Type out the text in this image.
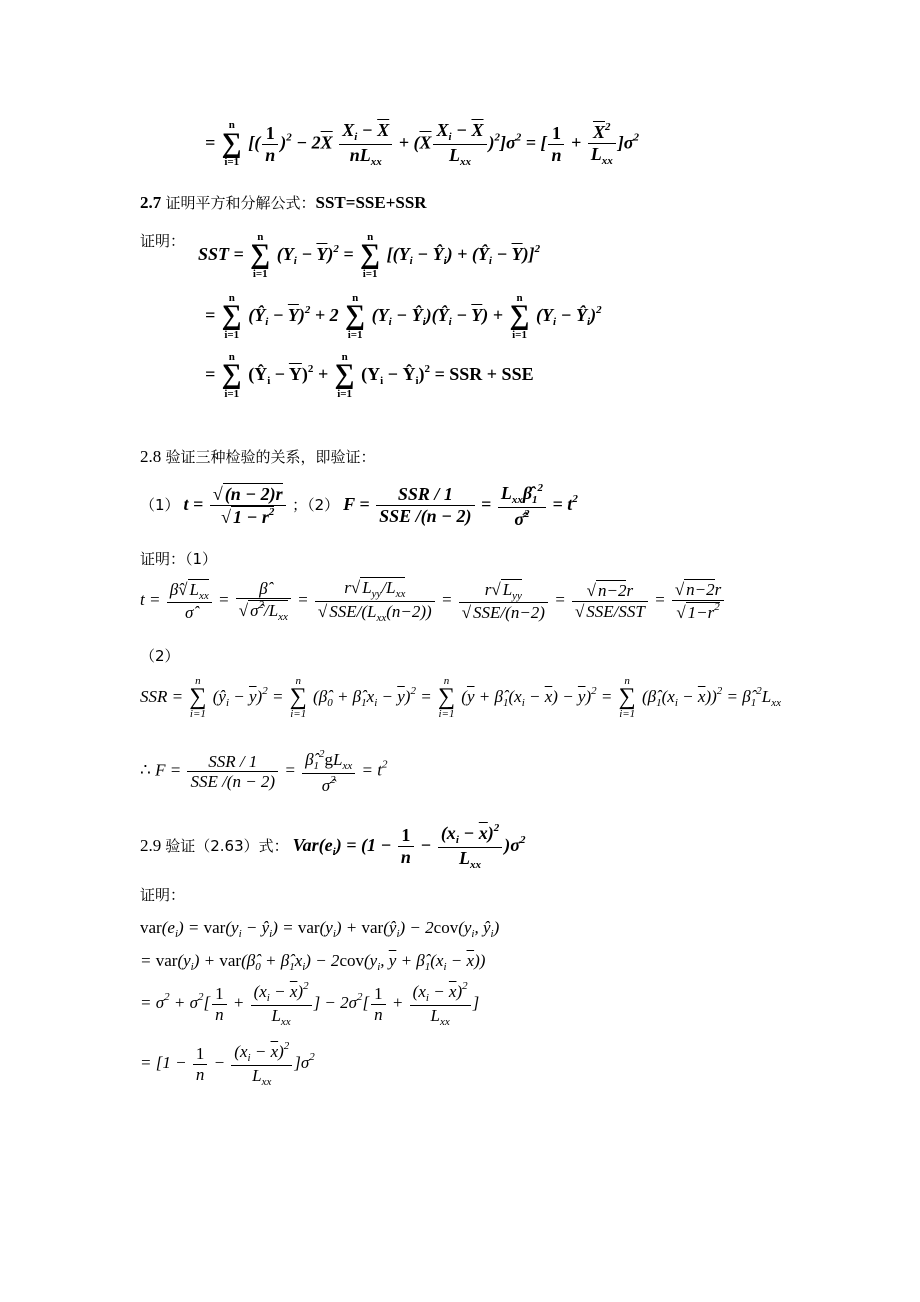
=
n
∑
i=1
[( $\frac{1}{n} )^2 - 2\overline{X} \frac{X_i - \overline{X}}{nL_{xx}} + (\overline{X} \frac{X_i - \overline{X}}{L_{xx}} )^2]\sigma^2$ = [ $\frac{1}{n} + \frac{\overline{X}^2}{L_{xx}} ]\sigma^2$
2.7 证明平方和分解公式：SST=SSE+SSR
证明：
SST =
n
∑
i=1
$(Y_i - \overline{Y})^2$ =
n
∑
i=1
[($Y_i$ − $Ŷ_i$) + $(Ŷ_i - \overline{Y})]^2$
=
n
∑
i=1
$(Ŷ_i - \overline{Y})^2 + 2$
n
∑
i=1
($Y_i$ − $Ŷ_i)(Ŷ_i - \overline{Y})$ +
n
∑
i=1
($Y_i$ − $Ŷ_i)^2$
=
n
∑
i=1
$(Ŷ_i - \overline{Y})^2$ +
n
∑
i=1
($Y_i$ − $Ŷ_i)^2$ = SSR + SSE
2.8 验证三种检验的关系，即验证：
（1） $t = \frac{√ (n - 2)r}{√ 1 - r^2}$ ；（2） $F = \frac{\text{SSR / 1}}{\text{SSE /(n − 2)}} = \frac{L_{xx}\betâ_1^2}{\sigmâ^2} = t^2$
证明：（1）
$t = \frac{\betâ√ L_{xx}}{\sigmâ} = \frac{\betâ}{√ \sigmâ^2/L_{xx}} = \frac{r√ L_{yy}/L_{xx}}{√ SSE/(L_{xx}(n-2))} = \frac{r√ L_{yy}}{\text{√ SSE/(n−2)}} = \frac{√ n-2r}{\text{√ SSE/SST}} = \frac{√ n-2r}{√ 1-r^2}$
（2）
SSR =
n
∑
i=1
$(ŷ_i - \overline{y})^2$ =
n
∑
i=1
($\betâ_0$ + $\betâ_1x_i - \overline{y})^2$ =
n
∑
i=1
($\overline{y}$ + $\betâ_1(x_i - \overline{x}) - \overline{y})^2$ =
n
∑
i=1
$(\betâ_1(x_i - \overline{x}))^2$ = $\betâ_1^2L_{xx}$
∴ $F = \frac{\text{SSR / 1}}{\text{SSE /(n − 2)}} = \frac{\betâ_1^2gL_{xx}}{\sigmâ^2} = t^2$
2.9 验证（2.63）式： $Var(e_i) = (1 - \frac{1}{n} - \frac{(x_i - \overline{x})^2}{L_{xx}} )\sigma^2$
证明：
$var(e_i) = var(y_i$ − $ŷ_i) = var(y_i)$ + $var(ŷ_i) - 2cov(y_i$, $ŷ_i$)
= $var(y_i)$ + $var(\betâ_0$ + $\betâ_1x_i) - 2cov(y_i$, $\overline{y}$ + $\betâ_1(x_i - \overline{x})$)
= $\sigma^2 + \sigma^2[ \frac{1}{n} + \frac{(x_i - \overline{x})^2}{L_{xx}}$ ] − $2\sigma^2[ \frac{1}{n} + \frac{(x_i - \overline{x})^2}{L_{xx}}$ ]
= $[1 - \frac{1}{n} - \frac{(x_i - \overline{x})^2}{L_{xx}} ]\sigma^2$
